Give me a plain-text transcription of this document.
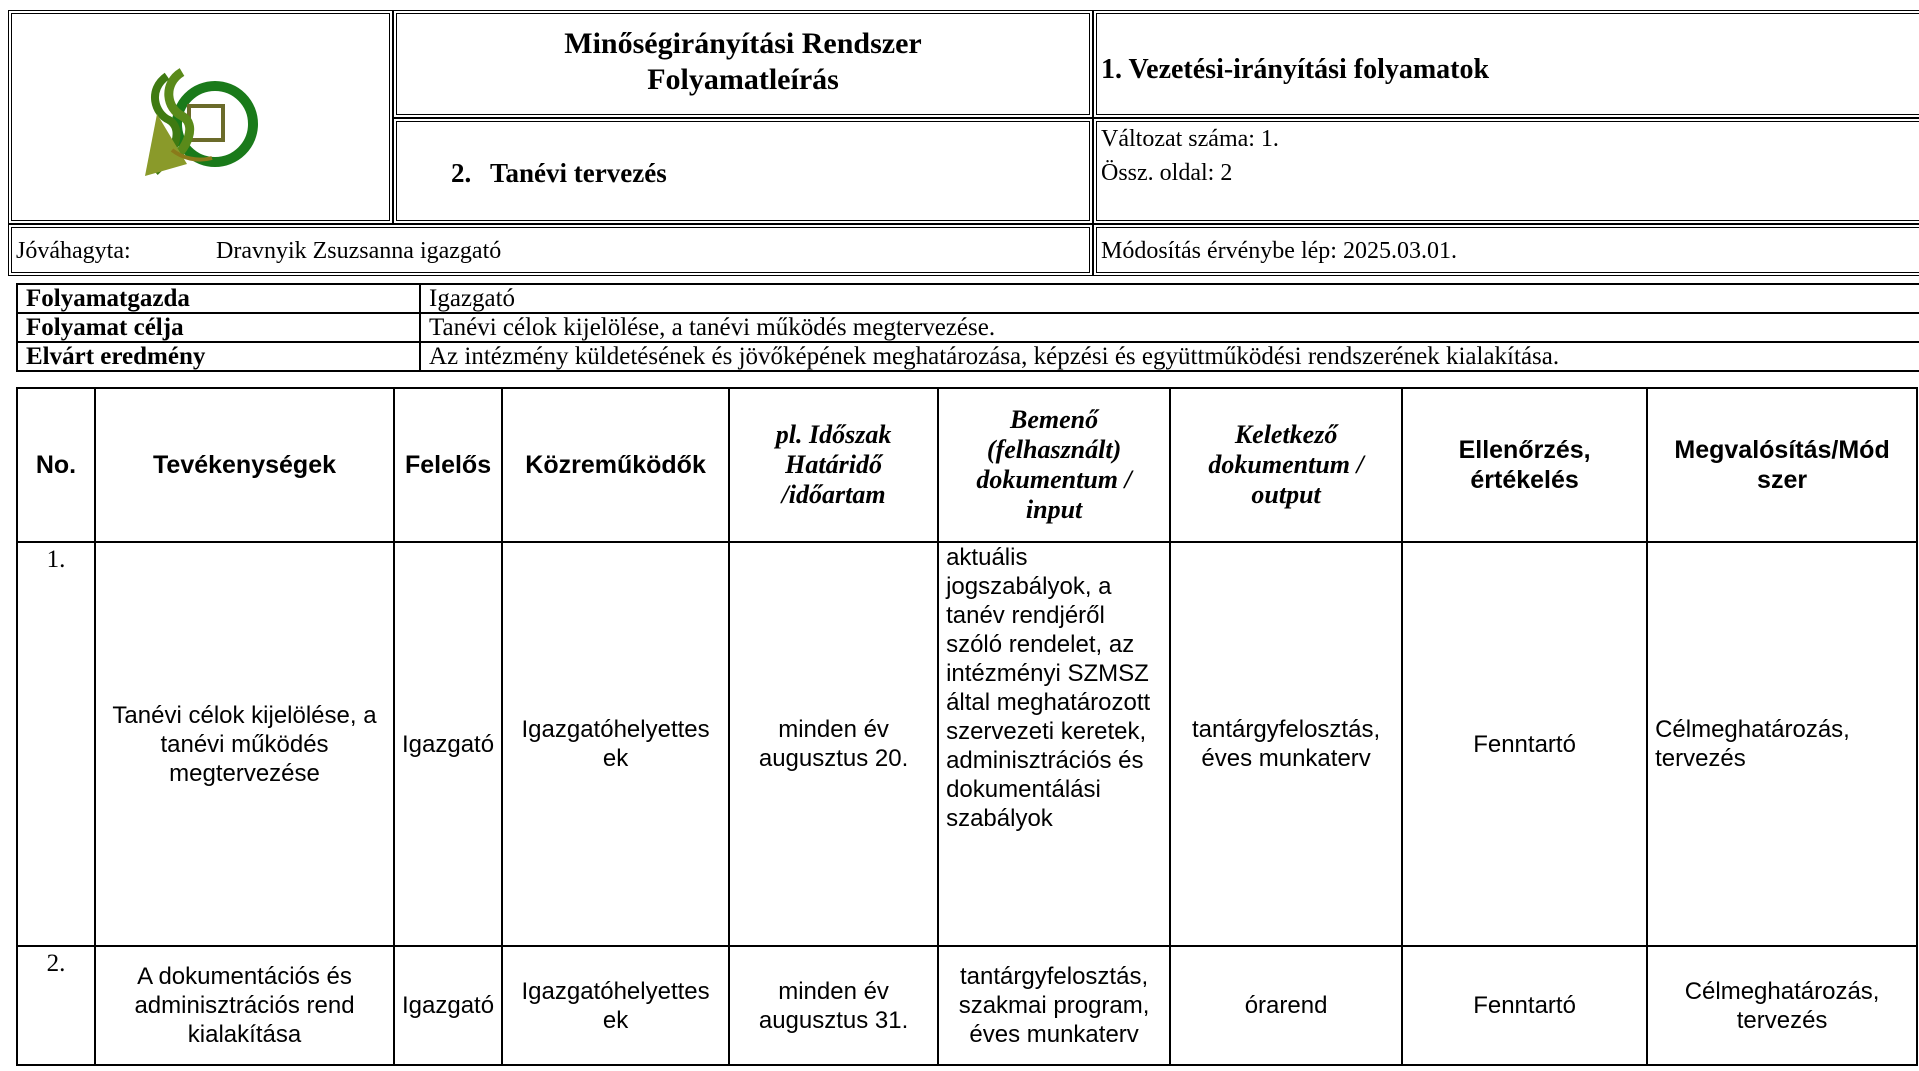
Minőségirányítási Rendszer
Folyamatleírás
2. Tanévi tervezés
1. Vezetési-irányítási folyamatok
Változat száma: 1.
Össz. oldal: 2
Jóváhagyta:	Dravnyik Zsuzsanna igazgató	Módosítás érvénybe lép: 2025.03.01.
Folyamatgazda	Igazgató
Folyamat célja	Tanévi célok kijelölése, a tanévi működés megtervezése.
Elvárt eredmény	Az intézmény küldetésének és jövőképének meghatározása, képzési és együttműködési rendszerének kialakítása.
No.	Tevékenységek	Felelős	Közreműködők	pl. Időszak Határidő /időartam	Bemenő (felhasznált) dokumentum / input	Keletkező dokumentum / output	Ellenőrzés, értékelés	Megvalósítás/Mód szer
1.	Tanévi célok kijelölése, a tanévi működés megtervezése	Igazgató	Igazgatóhelyettes ek	minden év augusztus 20.	aktuális jogszabályok, a tanév rendjéről szóló rendelet, az intézményi SZMSZ által meghatározott szervezeti keretek, adminisztrációs és dokumentálási szabályok	tantárgyfelosztás, éves munkaterv	Fenntartó	Célmeghatározás, tervezés
2.	A dokumentációs és adminisztrációs rend kialakítása	Igazgató	Igazgatóhelyettes ek	minden év augusztus 31.	tantárgyfelosztás, szakmai program, éves munkaterv	órarend	Fenntartó	Célmeghatározás, tervezés
